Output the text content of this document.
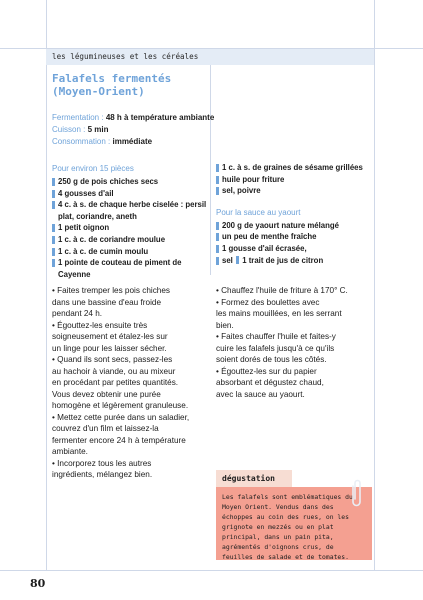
les légumineuses et les céréales
Falafels fermentés
(Moyen-Orient)
Fermentation : 48 h à température ambiante
Cuisson : 5 min
Consommation : immédiate

Pour environ 15 pièces

250 g de pois chiches secs
4 gousses d'ail
4 c. à s. de chaque herbe ciselée : persil
plat, coriandre, aneth
1 petit oignon
1 c. à c. de coriandre moulue
1 c. à c. de cumin moulu
1 pointe de couteau de piment de Cayenne
1 c. à s. de graines de sésame grillées
huile pour friture
sel, poivre

Pour la sauce au yaourt

200 g de yaourt nature mélangé
un peu de menthe fraîche
1 gousse d'ail écrasée,
sel 1 trait de jus de citron

• Faites tremper les pois chiches

dans une bassine d'eau froide

pendant 24 h.

• Égouttez-les ensuite très

soigneusement et étalez-les sur

un linge pour les laisser sécher.

• Quand ils sont secs, passez-les

au hachoir à viande, ou au mixeur

en procédant par petites quantités.

Vous devez obtenir une purée

homogène et légèrement granuleuse.

• Mettez cette purée dans un saladier,

couvrez d'un film et laissez-la

fermenter encore 24 h à température

ambiante.

• Incorporez tous les autres

ingrédients, mélangez bien.

• Chauffez l'huile de friture à 170° C.

• Formez des boulettes avec

les mains mouillées, en les serrant

bien.

• Faites chauffer l'huile et faites-y

cuire les falafels jusqu'à ce qu'ils

soient dorés de tous les côtés.

• Égouttez-les sur du papier

absorbant et dégustez chaud,

avec la sauce au yaourt.

dégustation

Les falafels sont emblématiques du Moyen Orient. Vendus dans des échoppes au coin des rues, on les grignote en mezzés ou en plat principal, dans un pain pita, agrémentés d'oignons crus, de feuilles de salade et de tomates.

80
